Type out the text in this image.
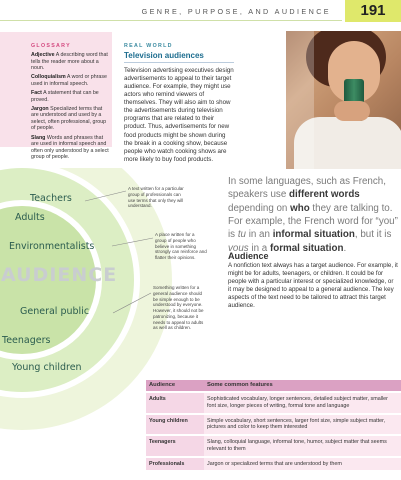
GENRE, PURPOSE, AND AUDIENCE	191
GLOSSARY

Adjective A describing word that tells the reader more about a noun.

Colloquialism A word or phrase used in informal speech.

Fact A statement that can be proved.

Jargon Specialized terms that are understood and used by a select, often professional, group of people.

Slang Words and phrases that are used in informal speech and often only understood by a select group of people.

REAL WORLD
Television audiences
Television advertising executives design advertisements to appeal to their target audience. For example, they might use actors who remind viewers of themselves. They will also aim to show the advertisements during television programs that are related to their product. Thus, advertisements for new food products might be shown during the break in a cooking show, because people who watch cooking shows are more likely to buy food products.
Teachers
Adults
Environmentalists
AUDIENCE
General public
Teenagers
Young children
A text written for a particular group of professionals can use terms that only they will understand.
A place written for a group of people who believe in something strongly can reinforce and flatter their opinions.
Something written for a general audience should be simple enough to be understood by everyone. However, it should not be patronizing, because it needs to appeal to adults as well as children.
In some languages, such as French, speakers use different words depending on who they are talking to. For example, the French word for “you” is tu in an informal situation, but it is vous in a formal situation.
Audience
A nonfiction text always has a target audience. For example, it might be for adults, teenagers, or children. It could be for people with a particular interest or specialized knowledge, or it may be designed to appeal to a general audience. The key aspects of the text need to be tailored to attract this target audience.
Audience	Some common features

Adults	Sophisticated vocabulary, longer sentences, detailed subject matter, smaller font size, longer pieces of writing, formal tone and language

Young children	Simple vocabulary, short sentences, larger font size, simple subject matter, pictures and color to keep them interested

Teenagers	Slang, colloquial language, informal tone, humor, subject matter that seems relevant to them

Professionals	Jargon or specialized terms that are understood by them
